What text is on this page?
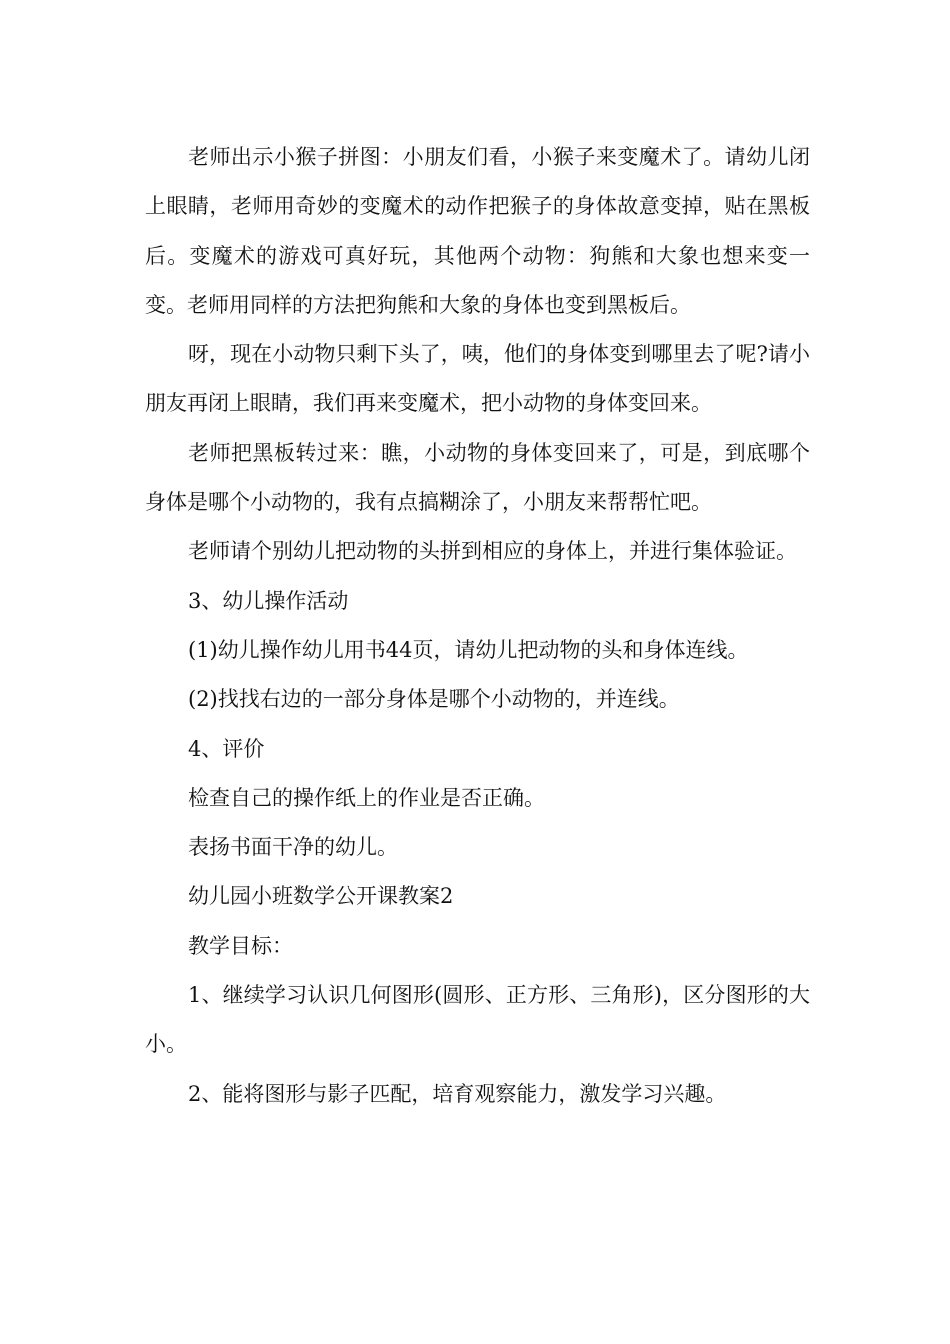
老师出示小猴子拼图：小朋友们看，小猴子来变魔术了。请幼儿闭上眼睛，老师用奇妙的变魔术的动作把猴子的身体故意变掉，贴在黑板后。变魔术的游戏可真好玩，其他两个动物：狗熊和大象也想来变一变。老师用同样的方法把狗熊和大象的身体也变到黑板后。

呀，现在小动物只剩下头了，咦，他们的身体变到哪里去了呢?请小朋友再闭上眼睛，我们再来变魔术，把小动物的身体变回来。

老师把黑板转过来：瞧，小动物的身体变回来了，可是，到底哪个身体是哪个小动物的，我有点搞糊涂了，小朋友来帮帮忙吧。

老师请个别幼儿把动物的头拼到相应的身体上，并进行集体验证。

3、幼儿操作活动

(1)幼儿操作幼儿用书44页，请幼儿把动物的头和身体连线。

(2)找找右边的一部分身体是哪个小动物的，并连线。

4、评价

检查自己的操作纸上的作业是否正确。

表扬书面干净的幼儿。

幼儿园小班数学公开课教案2

教学目标：

1、继续学习认识几何图形(圆形、正方形、三角形)，区分图形的大小。

2、能将图形与影子匹配，培育观察能力，激发学习兴趣。
